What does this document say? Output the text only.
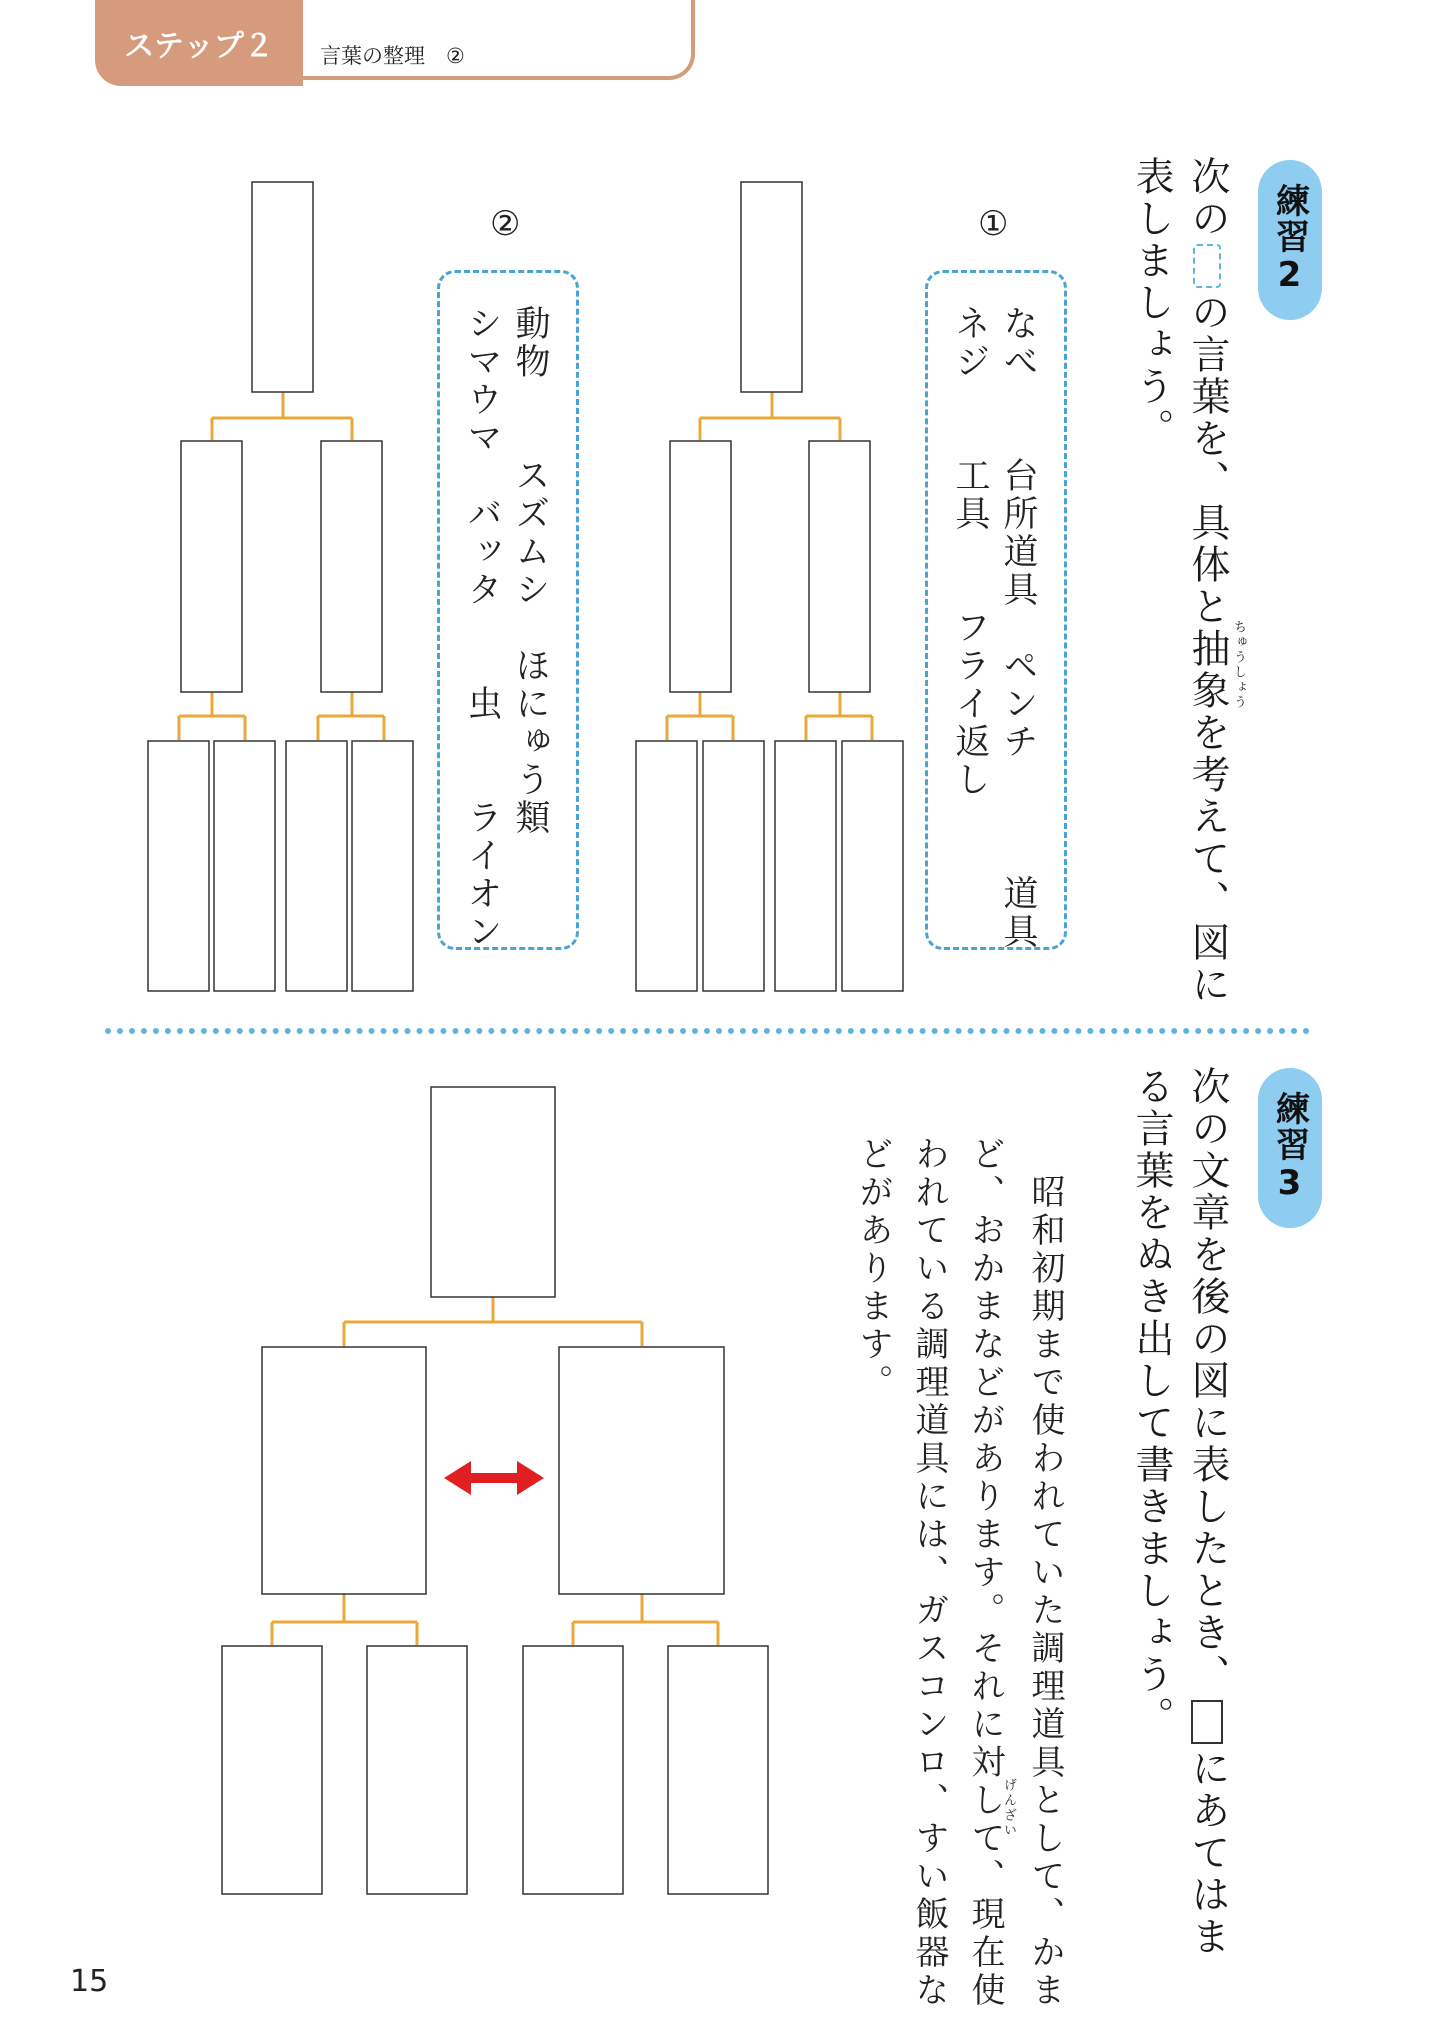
ステップ２	言葉の整理　②
練習2
次のの言葉を、具体と抽象を考えて、図に ちゅうしょう
表しましょう。
①
②
なべ　　台所道具　ペンチ　　　道具
ネジ　　工具　　フライ返し
動物　　スズムシ　ほにゅう類
シマウマ　バッタ　　虫　　ライオン
練習3
次の文章を後の図に表したとき、にあてはま
る言葉をぬき出して書きましょう。
　昭和初期まで使われていた調理道具として、かま
ど、おかまなどがあります。それに対して、現在使
げんざい
われている調理道具には、ガスコンロ、すい飯器な
どがあります。
15
